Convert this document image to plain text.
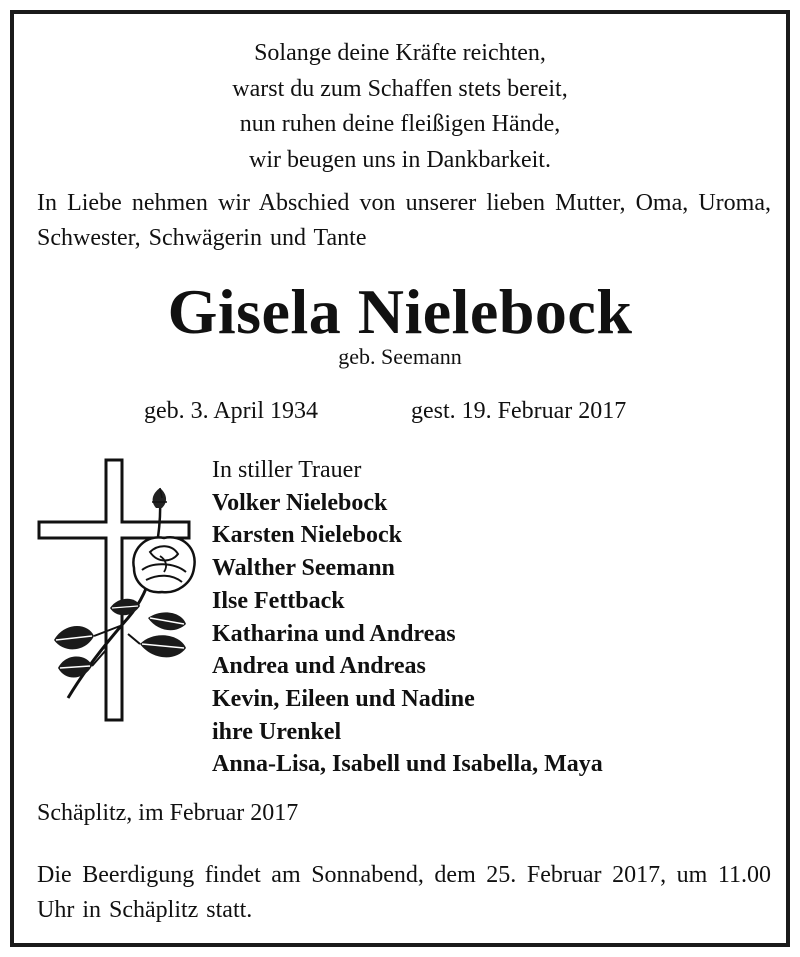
Solange deine Kräfte reichten,
warst du zum Schaffen stets bereit,
nun ruhen deine fleißigen Hände,
wir beugen uns in Dankbarkeit.
In Liebe nehmen wir Abschied von unserer lieben Mutter, Oma, Uroma, Schwester, Schwägerin und Tante
Gisela Nielebock
geb. Seemann
geb. 3. April 1934	gest. 19. Februar 2017
In stiller Trauer
Volker Nielebock
Karsten Nielebock
Walther Seemann
Ilse Fettback
Katharina und Andreas
Andrea und Andreas
Kevin, Eileen und Nadine
ihre Urenkel
Anna-Lisa, Isabell und Isabella, Maya
Schäplitz, im Februar 2017
Die Beerdigung findet am Sonnabend, dem 25. Februar 2017, um 11.00 Uhr in Schäplitz statt.
